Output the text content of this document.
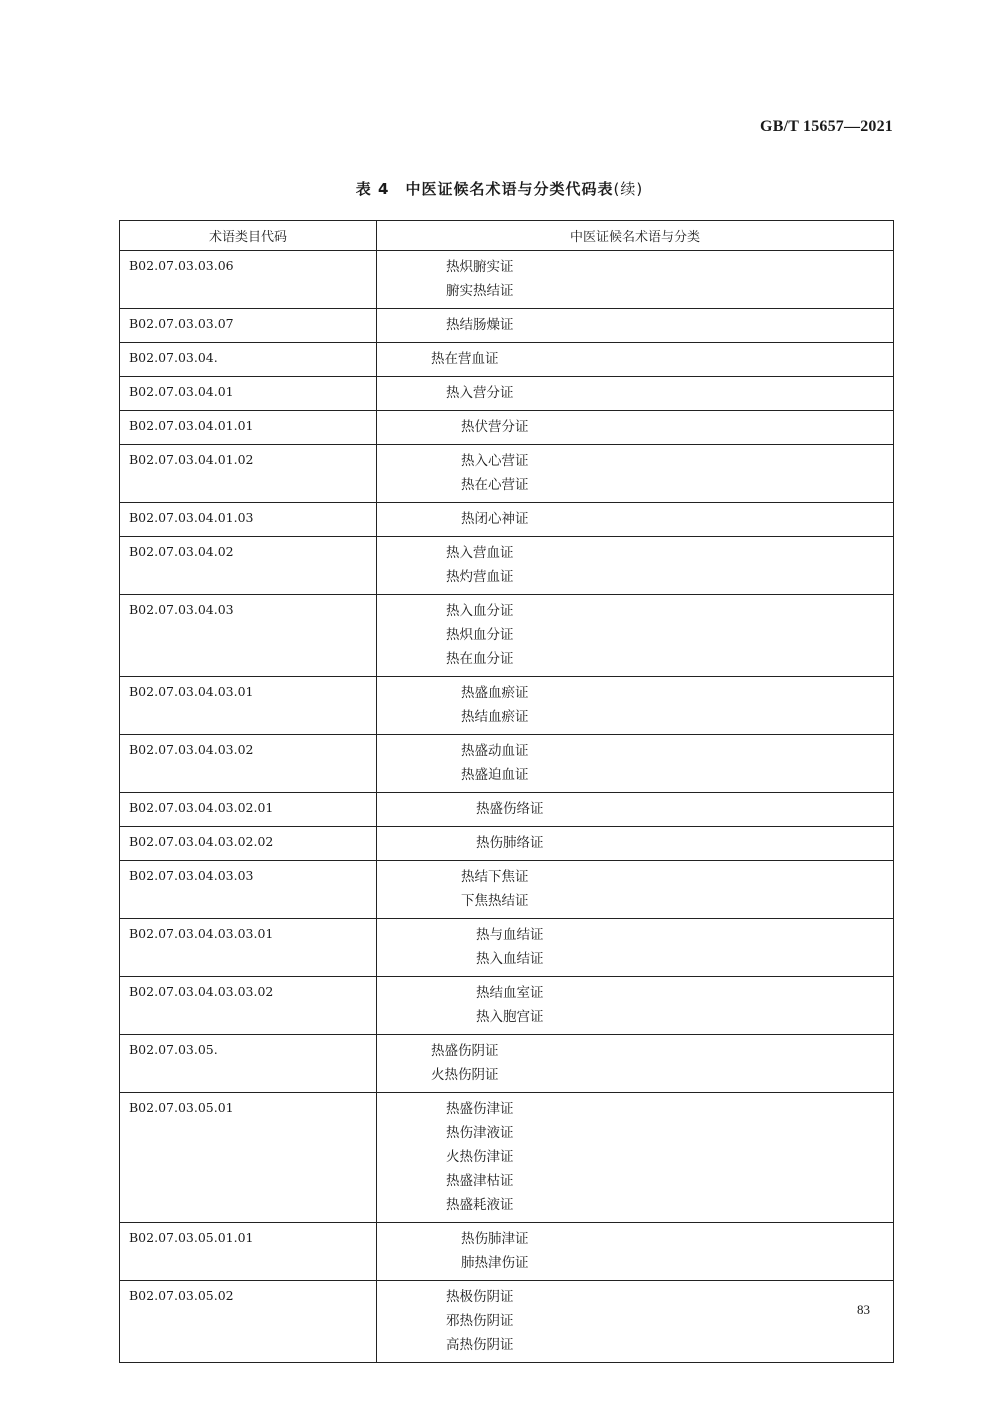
GB/T 15657—2021
表 4 中医证候名术语与分类代码表(续)
术语类目代码	中医证候名术语与分类
B02.07.03.03.06	热炽腑实证
腑实热结证

B02.07.03.03.07	热结肠燥证

B02.07.03.04.	热在营血证

B02.07.03.04.01	热入营分证

B02.07.03.04.01.01	热伏营分证

B02.07.03.04.01.02	热入心营证
热在心营证

B02.07.03.04.01.03	热闭心神证

B02.07.03.04.02	热入营血证
热灼营血证

B02.07.03.04.03	热入血分证
热炽血分证
热在血分证

B02.07.03.04.03.01	热盛血瘀证
热结血瘀证

B02.07.03.04.03.02	热盛动血证
热盛迫血证

B02.07.03.04.03.02.01	热盛伤络证

B02.07.03.04.03.02.02	热伤肺络证

B02.07.03.04.03.03	热结下焦证
下焦热结证

B02.07.03.04.03.03.01	热与血结证
热入血结证

B02.07.03.04.03.03.02	热结血室证
热入胞宫证

B02.07.03.05.	热盛伤阴证
火热伤阴证

B02.07.03.05.01	热盛伤津证
热伤津液证
火热伤津证
热盛津枯证
热盛耗液证

B02.07.03.05.01.01	热伤肺津证
肺热津伤证

B02.07.03.05.02	热极伤阴证
邪热伤阴证
高热伤阴证
83
